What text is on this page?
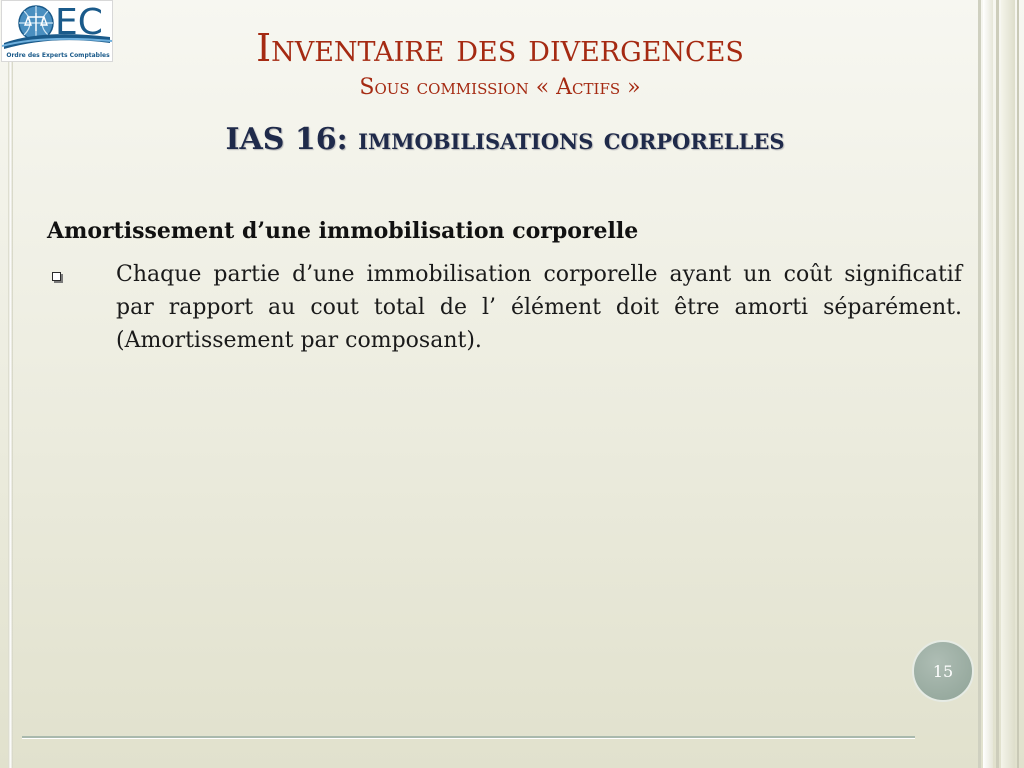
EC
Ordre des Experts Comptables	Inventaire des divergences
Sous commission « Actifs »
IAS 16: immobilisations corporelles
Amortissement d’une immobilisation corporelle
Chaque partie d’une immobilisation corporelle ayant un coût significatif par rapport au cout total de l’ élément doit être amorti séparément. (Amortissement par composant).
15
